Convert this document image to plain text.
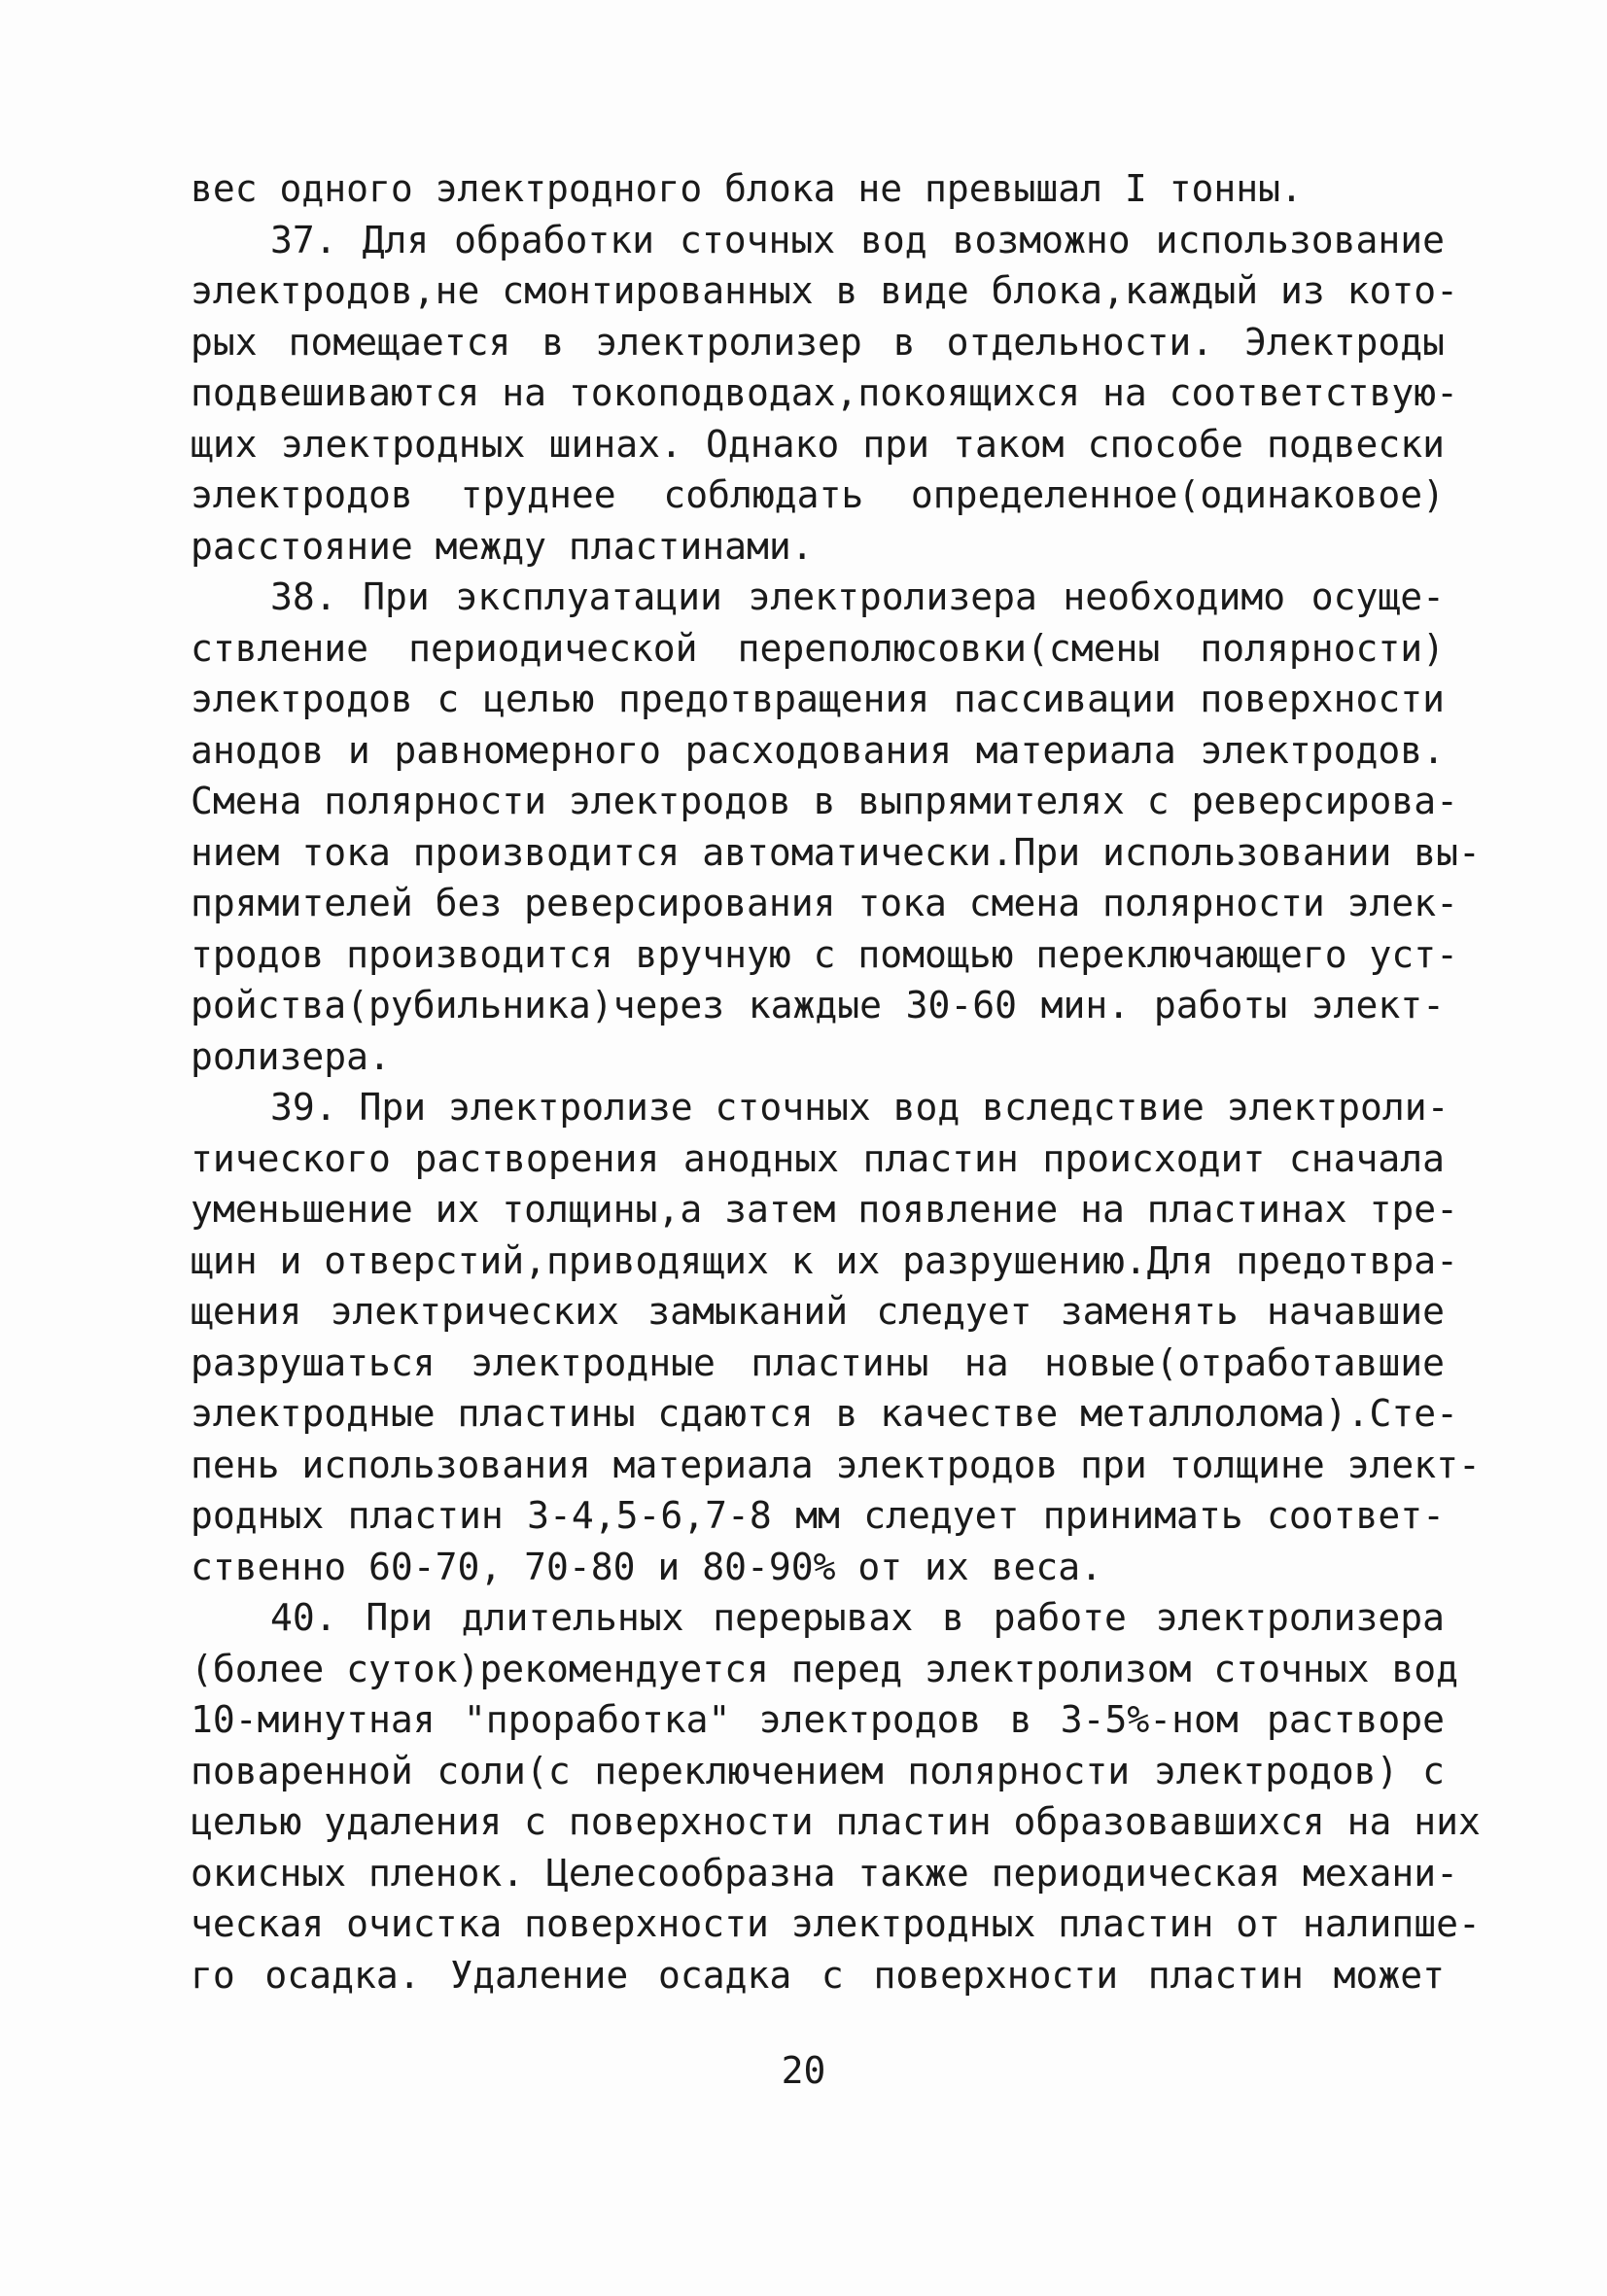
вес одного электродного блока не превышал I тонны.
37. Для обработки сточных вод возможно использование
электродов,не смонтированных в виде блока,каждый из кото-
рых помещается в электролизер в отдельности. Электроды
подвешиваются на токоподводах,покоящихся на соответствую-
щих электродных шинах. Однако при таком способе подвески
электродов труднее соблюдать определенное(одинаковое)
расстояние между пластинами.
38. При эксплуатации электролизера необходимо осуще-
ствление периодической переполюсовки(смены полярности)
электродов с целью предотвращения пассивации поверхности
анодов и равномерного расходования материала электродов.
Смена полярности электродов в выпрямителях с реверсирова-
нием тока производится автоматически.При использовании вы-
прямителей без реверсирования тока смена полярности элек-
тродов производится вручную с помощью переключающего уст-
ройства(рубильника)через каждые 30-60 мин. работы элект-
ролизера.
39. При электролизе сточных вод вследствие электроли-
тического растворения анодных пластин происходит сначала
уменьшение их толщины,а затем появление на пластинах тре-
щин и отверстий,приводящих к их разрушению.Для предотвра-
щения электрических замыканий следует заменять начавшие
разрушаться электродные пластины на новые(отработавшие
электродные пластины сдаются в качестве металлолома).Сте-
пень использования материала электродов при толщине элект-
родных пластин 3-4,5-6,7-8 мм следует принимать соответ-
ственно 60-70, 70-80 и 80-90% от их веса.
40. При длительных перерывах в работе электролизера
(более суток)рекомендуется перед электролизом сточных вод
10-минутная "проработка" электродов в 3-5%-ном растворе
поваренной соли(с переключением полярности электродов) с
целью удаления с поверхности пластин образовавшихся на них
окисных пленок. Целесообразна также периодическая механи-
ческая очистка поверхности электродных пластин от налипше-
го осадка. Удаление осадка с поверхности пластин может
20
